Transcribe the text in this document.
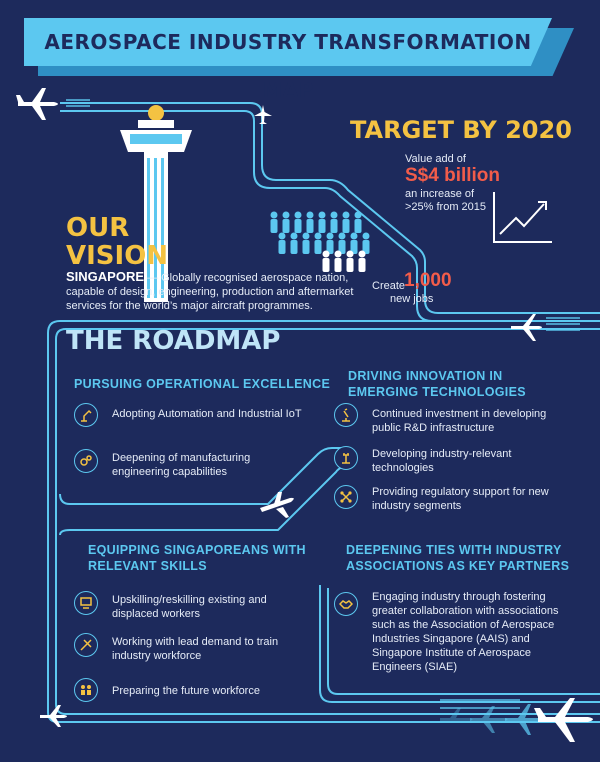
AEROSPACE INDUSTRY TRANSFORMATION MAP
TARGET BY 2020
Value add of
S$4 billion
an increase of
>25% from 2015
Create
1,000
new jobs
OUR
VISION
SINGAPORE — Globally recognised aerospace nation, capable of design, engineering, production and aftermarket services for the world’s major aircraft programmes.
THE ROADMAP
PURSUING OPERATIONAL EXCELLENCE
Adopting Automation and Industrial IoT
Deepening of manufacturing engineering capabilities
DRIVING INNOVATION IN EMERGING TECHNOLOGIES
Continued investment in developing public R&D infrastructure
Developing industry-relevant technologies
Providing regulatory support for new industry segments
EQUIPPING SINGAPOREANS WITH RELEVANT SKILLS
Upskilling/reskilling existing and displaced workers
Working with lead demand to train industry workforce
Preparing the future workforce
DEEPENING TIES WITH INDUSTRY ASSOCIATIONS AS KEY PARTNERS
Engaging industry through fostering greater collaboration with associations such as the Association of Aerospace Industries Singapore (AAIS) and Singapore Institute of Aerospace Engineers (SIAE)
